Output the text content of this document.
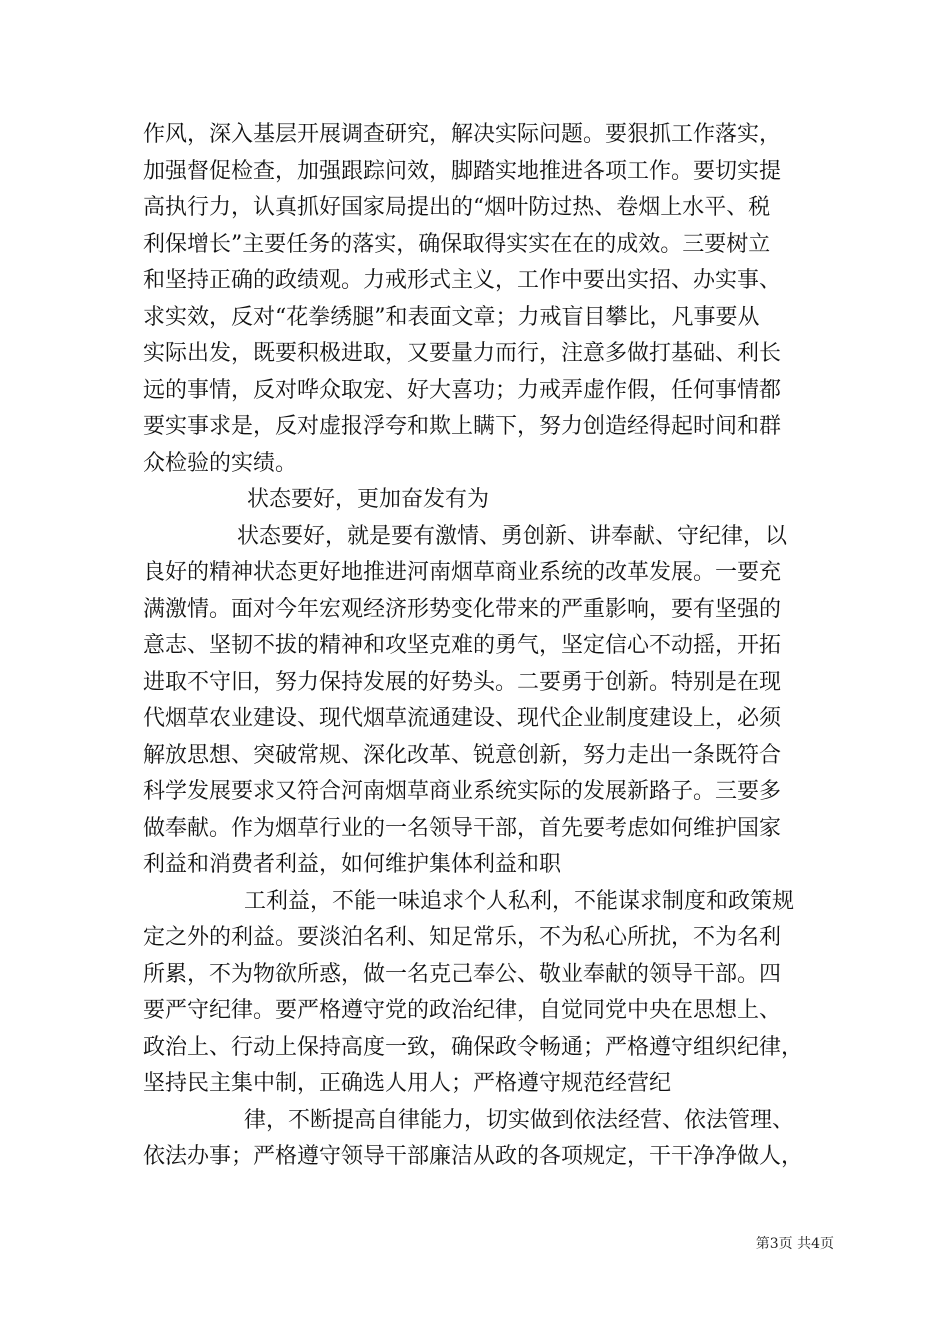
作风，深入基层开展调查研究，解决实际问题。要狠抓工作落实，
加强督促检查，加强跟踪问效，脚踏实地推进各项工作。要切实提
高执行力，认真抓好国家局提出的“烟叶防过热、卷烟上水平、税
利保增长”主要任务的落实，确保取得实实在在的成效。三要树立
和坚持正确的政绩观。力戒形式主义，工作中要出实招、办实事、
求实效，反对“花拳绣腿”和表面文章；力戒盲目攀比，凡事要从
实际出发，既要积极进取，又要量力而行，注意多做打基础、利长
远的事情，反对哗众取宠、好大喜功；力戒弄虚作假，任何事情都
要实事求是，反对虚报浮夸和欺上瞒下，努力创造经得起时间和群
众检验的实绩。
状态要好，更加奋发有为
状态要好，就是要有激情、勇创新、讲奉献、守纪律，以
良好的精神状态更好地推进河南烟草商业系统的改革发展。一要充
满激情。面对今年宏观经济形势变化带来的严重影响，要有坚强的
意志、坚韧不拔的精神和攻坚克难的勇气，坚定信心不动摇，开拓
进取不守旧，努力保持发展的好势头。二要勇于创新。特别是在现
代烟草农业建设、现代烟草流通建设、现代企业制度建设上，必须
解放思想、突破常规、深化改革、锐意创新，努力走出一条既符合
科学发展要求又符合河南烟草商业系统实际的发展新路子。三要多
做奉献。作为烟草行业的一名领导干部，首先要考虑如何维护国家
利益和消费者利益，如何维护集体利益和职
工利益，不能一味追求个人私利，不能谋求制度和政策规
定之外的利益。要淡泊名利、知足常乐，不为私心所扰，不为名利
所累，不为物欲所惑，做一名克己奉公、敬业奉献的领导干部。四
要严守纪律。要严格遵守党的政治纪律，自觉同党中央在思想上、
政治上、行动上保持高度一致，确保政令畅通；严格遵守组织纪律，
坚持民主集中制，正确选人用人；严格遵守规范经营纪
律，不断提高自律能力，切实做到依法经营、依法管理、
依法办事；严格遵守领导干部廉洁从政的各项规定，干干净净做人，
第3页 共4页
